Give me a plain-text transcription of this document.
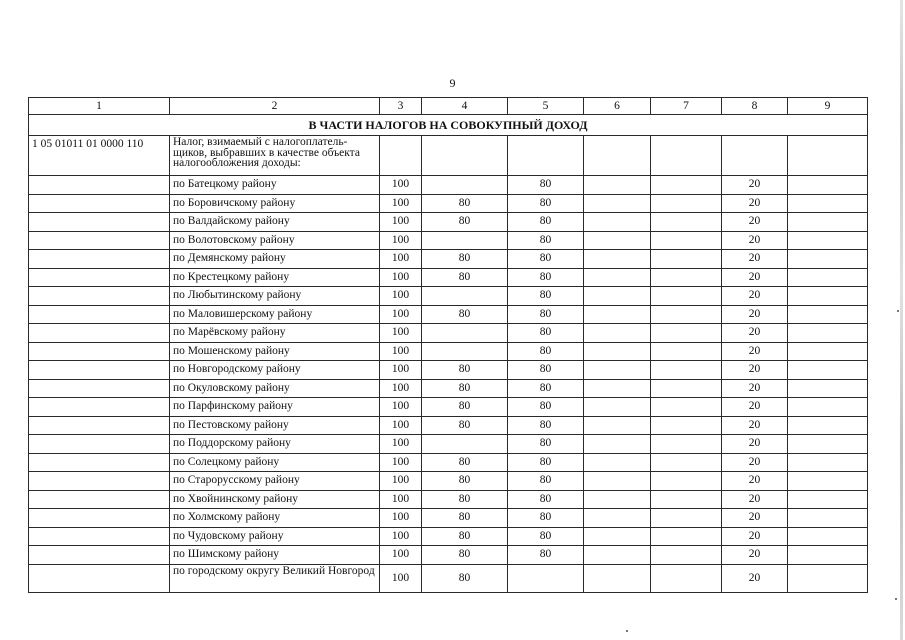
9
1	2	3	4	5	6	7	8	9
В ЧАСТИ НАЛОГОВ НА СОВОКУПНЫЙ ДОХОД								
1 05 01011 01 0000 110	Налог, взимаемый с налогоплатель-щиков, выбравших в качестве объекта налогообложения доходы:							
	по Батецкому району	100		80			20	
	по Боровичскому району	100	80	80			20	
	по Валдайскому району	100	80	80			20	
	по Волотовскому району	100		80			20	
	по Демянскому району	100	80	80			20	
	по Крестецкому району	100	80	80			20	
	по Любытинскому району	100		80			20	
	по Маловишерскому району	100	80	80			20	
	по Марёвскому району	100		80			20	
	по Мошенскому району	100		80			20	
	по Новгородскому району	100	80	80			20	
	по Окуловскому району	100	80	80			20	
	по Парфинскому району	100	80	80			20	
	по Пестовскому району	100	80	80			20	
	по Поддорскому району	100		80			20	
	по Солецкому району	100	80	80			20	
	по Старорусскому району	100	80	80			20	
	по Хвойнинскому району	100	80	80			20	
	по Холмскому району	100	80	80			20	
	по Чудовскому району	100	80	80			20	
	по Шимскому району	100	80	80			20	
	по городскому округу Великий Новгород	100	80				20	
